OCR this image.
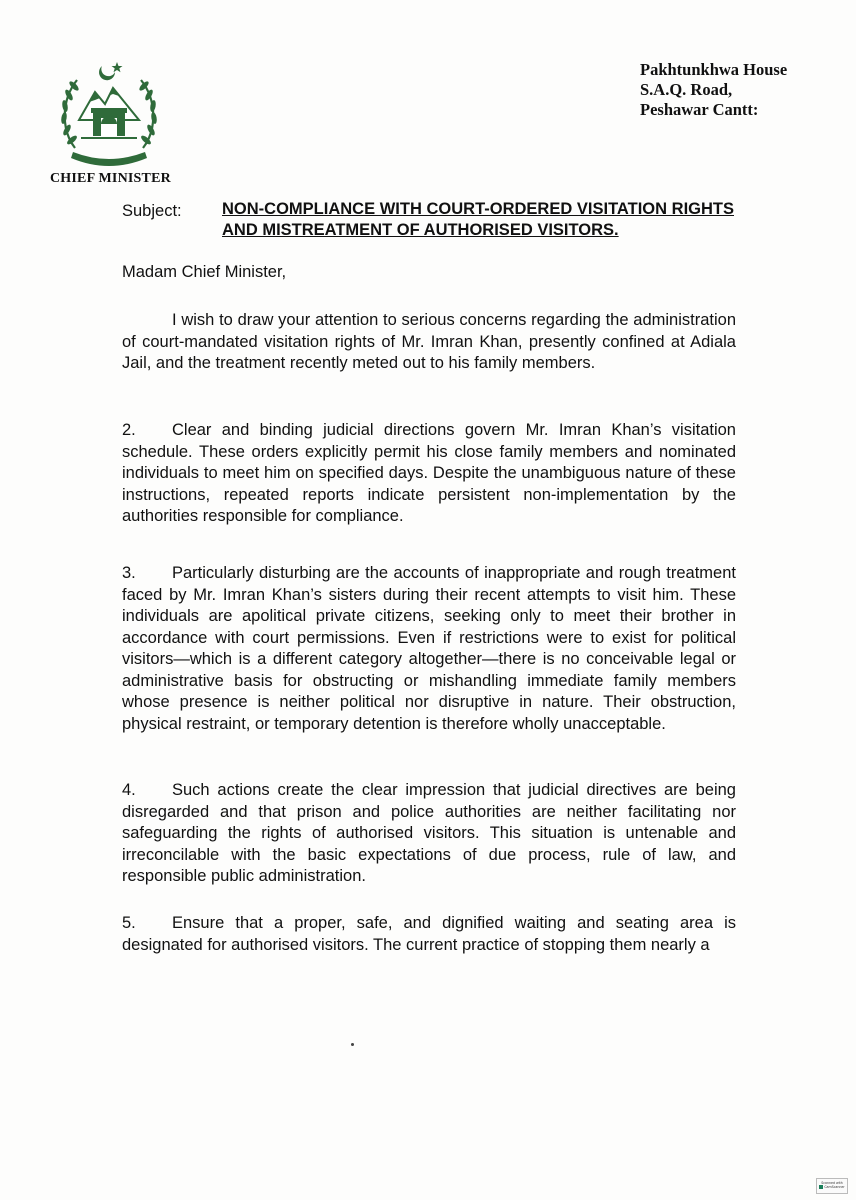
CHIEF MINISTER
Pakhtunkhwa House
S.A.Q. Road,
Peshawar Cantt:
Subject: NON-COMPLIANCE WITH COURT-ORDERED VISITATION RIGHTS AND MISTREATMENT OF AUTHORISED VISITORS.
Madam Chief Minister,
I wish to draw your attention to serious concerns regarding the administration of court-mandated visitation rights of Mr. Imran Khan, presently confined at Adiala Jail, and the treatment recently meted out to his family members.
2. Clear and binding judicial directions govern Mr. Imran Khan’s visitation schedule. These orders explicitly permit his close family members and nominated individuals to meet him on specified days. Despite the unambiguous nature of these instructions, repeated reports indicate persistent non-implementation by the authorities responsible for compliance.
3. Particularly disturbing are the accounts of inappropriate and rough treatment faced by Mr. Imran Khan’s sisters during their recent attempts to visit him. These individuals are apolitical private citizens, seeking only to meet their brother in accordance with court permissions. Even if restrictions were to exist for political visitors—which is a different category altogether—there is no conceivable legal or administrative basis for obstructing or mishandling immediate family members whose presence is neither political nor disruptive in nature. Their obstruction, physical restraint, or temporary detention is therefore wholly unacceptable.
4. Such actions create the clear impression that judicial directives are being disregarded and that prison and police authorities are neither facilitating nor safeguarding the rights of authorised visitors. This situation is untenable and irreconcilable with the basic expectations of due process, rule of law, and responsible public administration.
5. Ensure that a proper, safe, and dignified waiting and seating area is designated for authorised visitors. The current practice of stopping them nearly a
Scanned with
CamScanner
